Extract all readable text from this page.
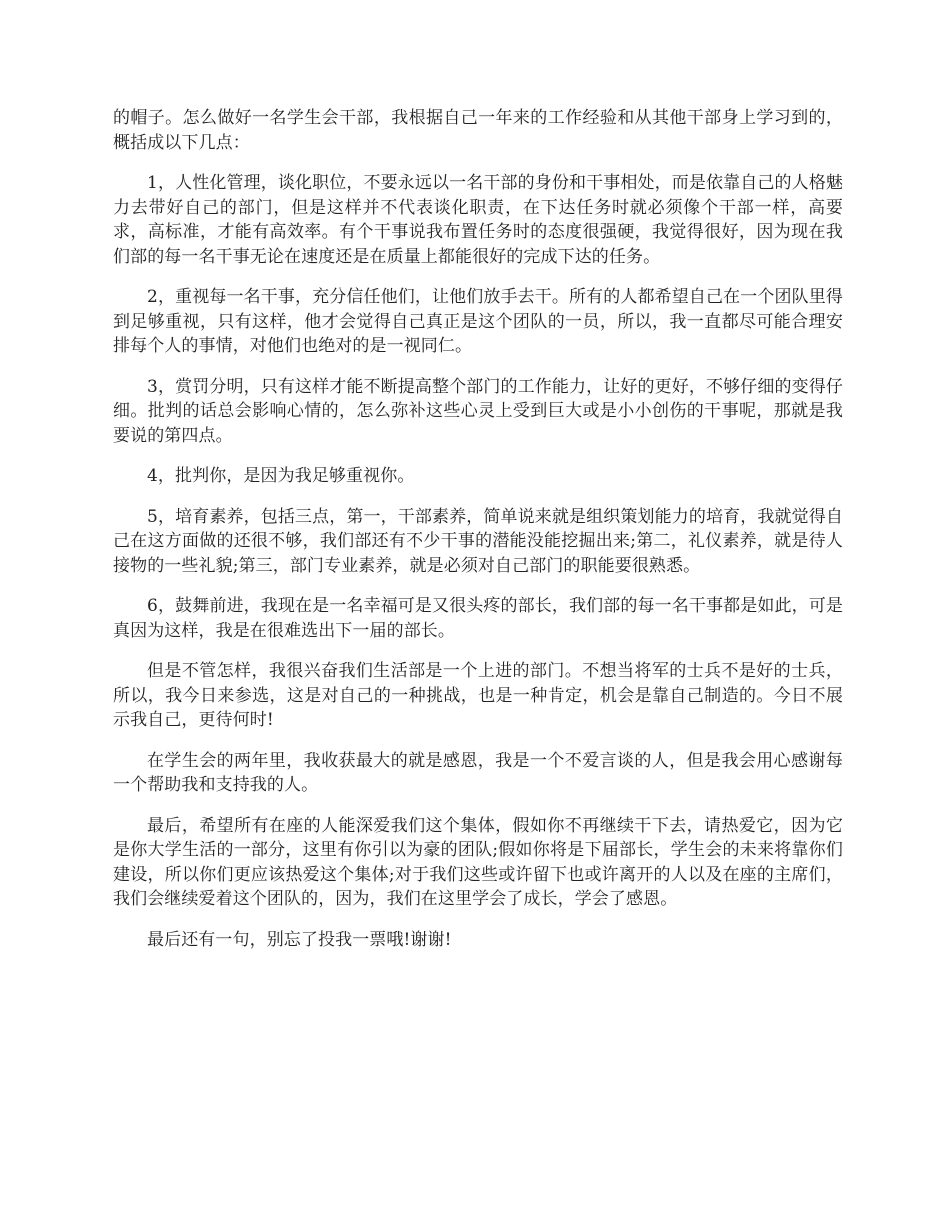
的帽子。怎么做好一名学生会干部，我根据自己一年来的工作经验和从其他干部身上学习到的，概括成以下几点：

1，人性化管理，谈化职位，不要永远以一名干部的身份和干事相处，而是依靠自己的人格魅力去带好自己的部门，但是这样并不代表谈化职责，在下达任务时就必须像个干部一样，高要求，高标准，才能有高效率。有个干事说我布置任务时的态度很强硬，我觉得很好，因为现在我们部的每一名干事无论在速度还是在质量上都能很好的完成下达的任务。

2，重视每一名干事，充分信任他们，让他们放手去干。所有的人都希望自己在一个团队里得到足够重视，只有这样，他才会觉得自己真正是这个团队的一员，所以，我一直都尽可能合理安排每个人的事情，对他们也绝对的是一视同仁。

3，赏罚分明，只有这样才能不断提高整个部门的工作能力，让好的更好，不够仔细的变得仔细。批判的话总会影响心情的，怎么弥补这些心灵上受到巨大或是小小创伤的干事呢，那就是我要说的第四点。

4，批判你，是因为我足够重视你。

5，培育素养，包括三点，第一，干部素养，简单说来就是组织策划能力的培育，我就觉得自己在这方面做的还很不够，我们部还有不少干事的潜能没能挖掘出来;第二，礼仪素养，就是待人接物的一些礼貌;第三，部门专业素养，就是必须对自己部门的职能要很熟悉。

6，鼓舞前进，我现在是一名幸福可是又很头疼的部长，我们部的每一名干事都是如此，可是真因为这样，我是在很难选出下一届的部长。

但是不管怎样，我很兴奋我们生活部是一个上进的部门。不想当将军的士兵不是好的士兵，所以，我今日来参选，这是对自己的一种挑战，也是一种肯定，机会是靠自己制造的。今日不展示我自己，更待何时!

在学生会的两年里，我收获最大的就是感恩，我是一个不爱言谈的人，但是我会用心感谢每一个帮助我和支持我的人。

最后，希望所有在座的人能深爱我们这个集体，假如你不再继续干下去，请热爱它，因为它是你大学生活的一部分，这里有你引以为豪的团队;假如你将是下届部长，学生会的未来将靠你们建设，所以你们更应该热爱这个集体;对于我们这些或许留下也或许离开的人以及在座的主席们，我们会继续爱着这个团队的，因为，我们在这里学会了成长，学会了感恩。

最后还有一句，别忘了投我一票哦!谢谢!
